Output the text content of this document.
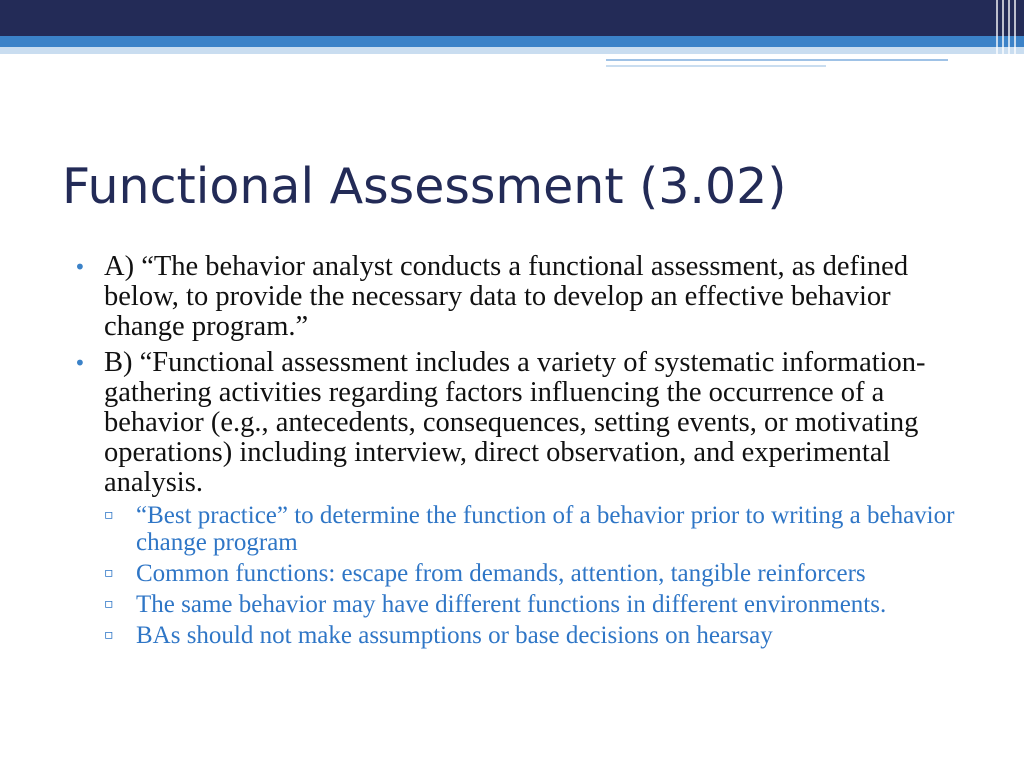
Functional Assessment (3.02)
• A) “The behavior analyst conducts a functional assessment, as defined below, to provide the necessary data to develop an effective behavior change program.”
• B) “Functional assessment includes a variety of systematic information-gathering activities regarding factors influencing the occurrence of a behavior (e.g., antecedents, consequences, setting events, or motivating operations) including interview, direct observation, and experimental analysis.
▫ “Best practice” to determine the function of a behavior prior to writing a behavior change program
▫ Common functions: escape from demands, attention, tangible reinforcers
▫ The same behavior may have different functions in different environments.
▫ BAs should not make assumptions or base decisions on hearsay
